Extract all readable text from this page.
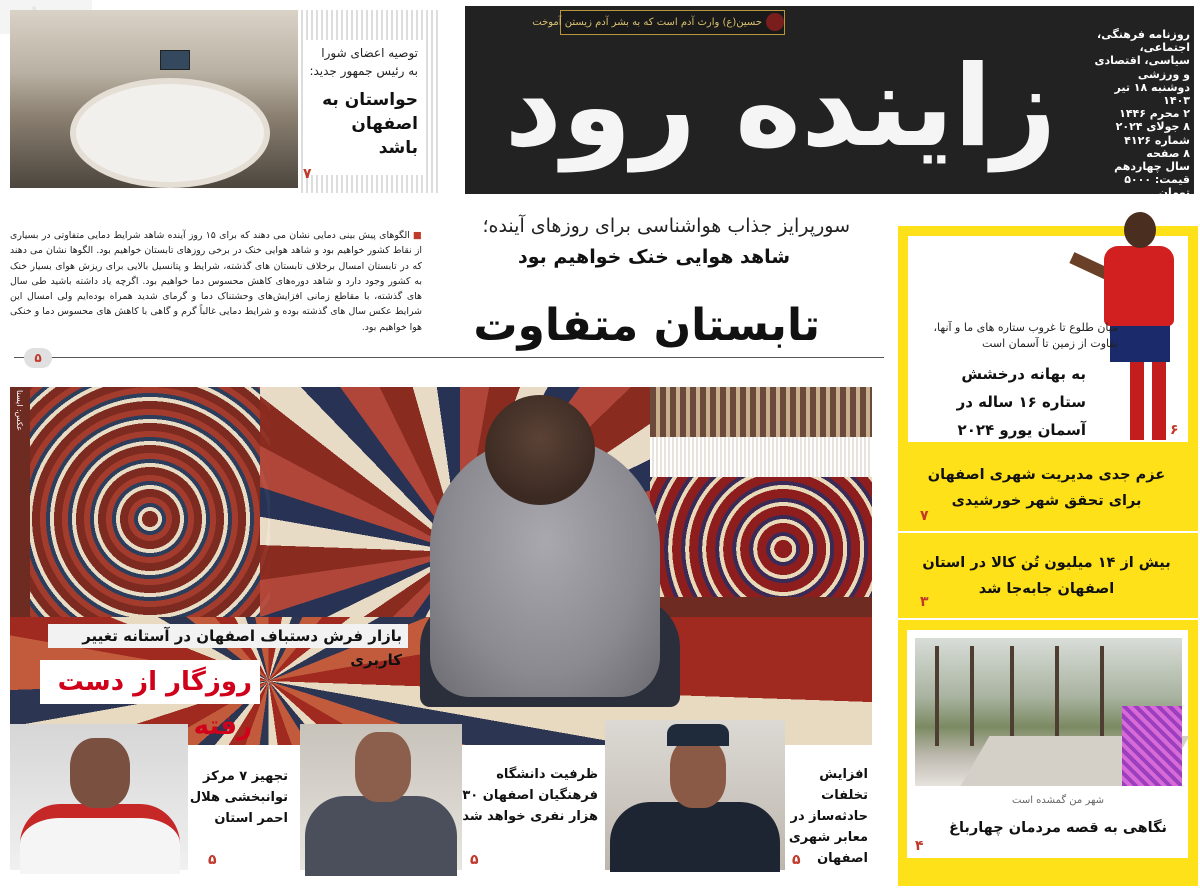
زاینده رود
حسین(ع) وارث آدم است که به بشر آدم زیستن آموخت
روزنامه فرهنگی، اجتماعی،
سیاسی، اقتصادی و ورزشی
دوشنبه ۱۸ تیر ۱۴۰۳
۲ محرم ۱۴۴۶
۸ جولای ۲۰۲۴
شماره ۴۱۲۶
۸ صفحه
سال چهاردهم
قیمت: ۵۰۰۰ تومان
توصیه اعضای شورا به رئیس جمهور جدید:
حواستان به اصفهان باشد
۷
سورپرایز جذاب هواشناسی برای روزهای آینده؛
شاهد هوایی خنک خواهیم بود
تابستان متفاوت
■الگوهای پیش بینی دمایی نشان می دهند که برای ۱۵ روز آینده شاهد شرایط دمایی متفاوتی در بسیاری از نقاط کشور خواهیم بود و شاهد هوایی خنک در برخی روزهای تابستان خواهیم بود. الگوها نشان می دهند که در تابستان امسال برخلاف تابستان های گذشته، شرایط و پتانسیل بالایی برای ریزش هوای بسیار خنک به کشور وجود دارد و شاهد دوره‌های کاهش محسوس دما خواهیم بود. اگرچه یاد داشته باشید طی سال های گذشته، با مقاطع زمانی افزایش‌های وحشتناک دما و گرمای شدید همراه بوده‌ایم ولی امسال این شرایط عکس سال های گذشته بوده و شرایط دمایی غالباً گرم و گاهی با کاهش های محسوس دما و خنکی هوا خواهیم بود.
۵
عکس: ایسنا
بازار فرش دستباف اصفهان در آستانه تغییر کاربری
روزگار از دست رفته
تجهیز ۷ مرکز توانبخشی هلال احمر استان
۵
ظرفیت دانشگاه فرهنگیان اصفهان ۳۰ هزار نفری خواهد شد
۵
افزایش تخلفات حادثه‌ساز در معابر شهری اصفهان
۵
میان طلوع تا غروب ستاره های ما و آنها، تفاوت از زمین تا آسمان است
به بهانه درخشش ستاره ۱۶ ساله در آسمان یورو ۲۰۲۴	۶
عزم جدی مدیریت شهری اصفهان برای تحقق شهر خورشیدی
۷
بیش از ۱۴ میلیون تُن کالا در استان اصفهان جابه‌جا شد
۳
شهر من گمشده است
نگاهی به قصه مردمان چهارباغ
۴
